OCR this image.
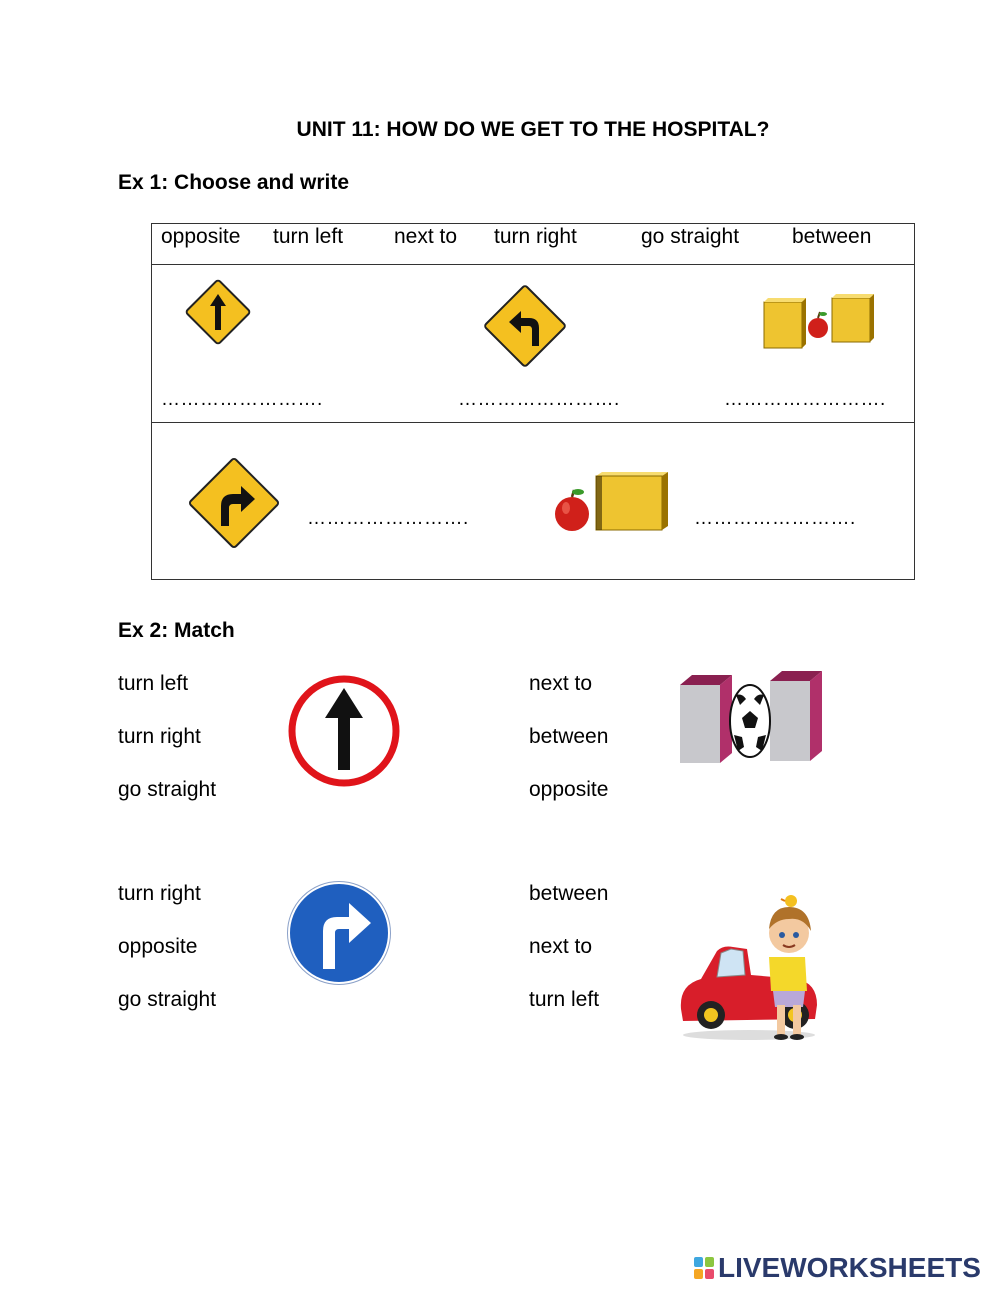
UNIT 11: HOW DO WE GET TO THE HOSPITAL?
Ex 1: Choose and write
opposite turn left next to turn right	go straight	between
…………………….	…………………….	…………………….
…………………….	…………………….
Ex 2: Match
turn left
turn right
go straight
next to
between
opposite
turn right
opposite
go straight
between
next to
turn left
LIVEWORKSHEETS
